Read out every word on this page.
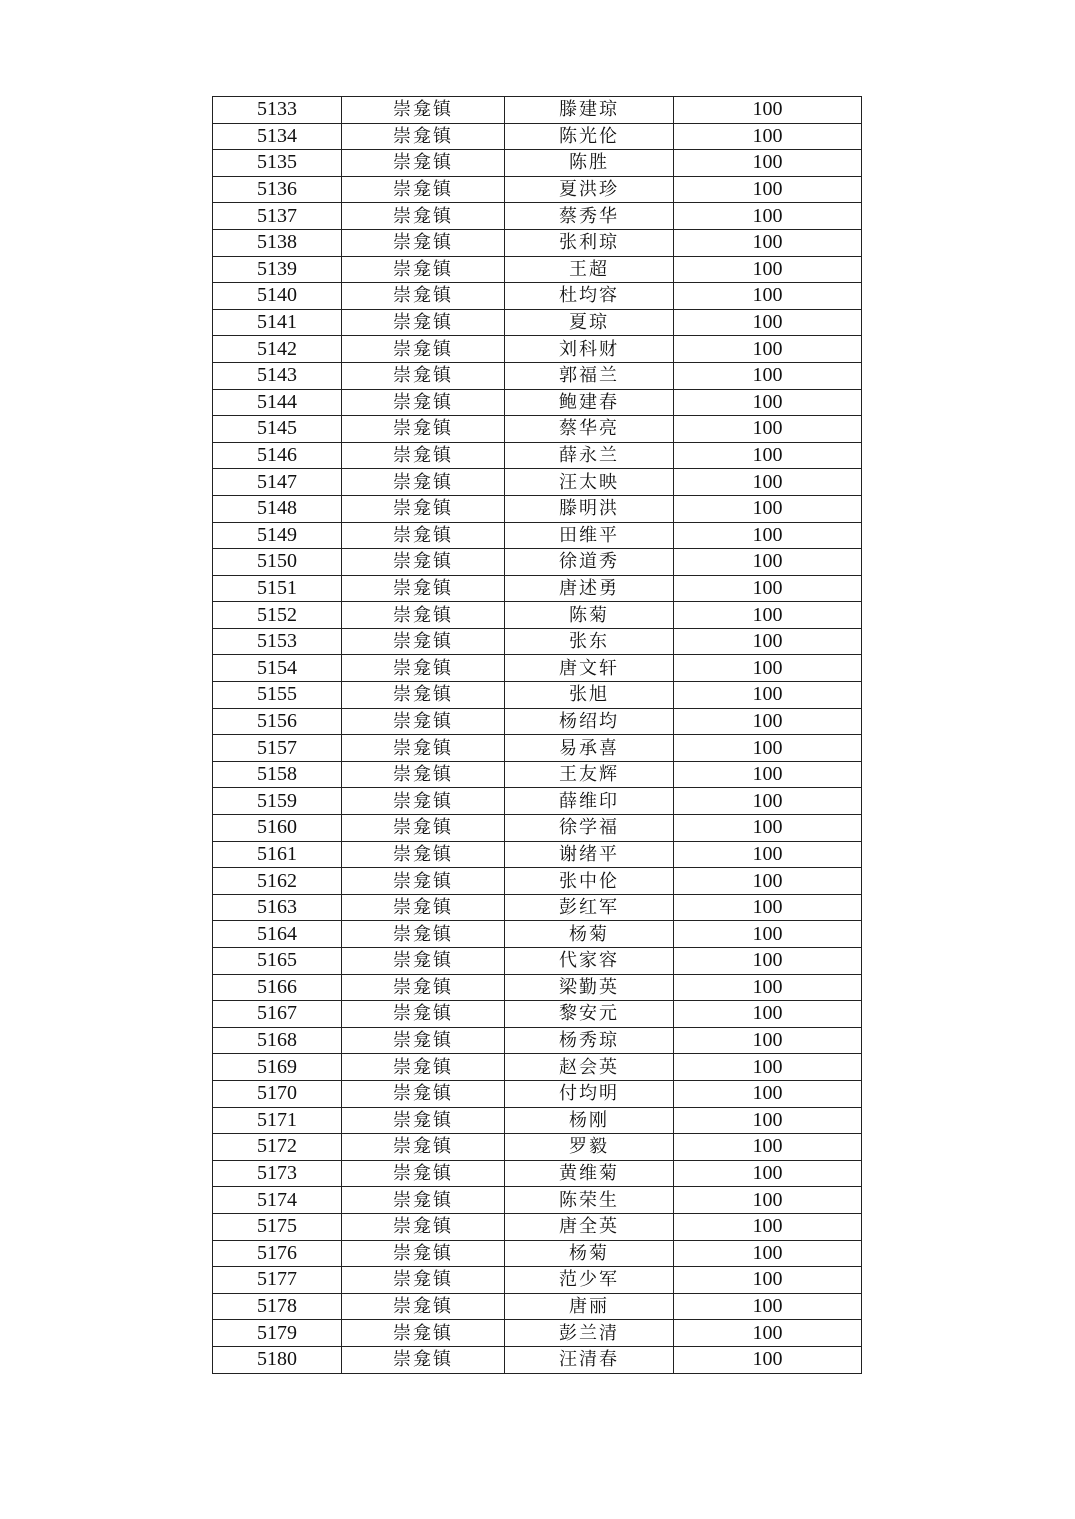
5133	崇龛镇	滕建琼	100
5134	崇龛镇	陈光伦	100
5135	崇龛镇	陈胜	100
5136	崇龛镇	夏洪珍	100
5137	崇龛镇	蔡秀华	100
5138	崇龛镇	张利琼	100
5139	崇龛镇	王超	100
5140	崇龛镇	杜均容	100
5141	崇龛镇	夏琼	100
5142	崇龛镇	刘科财	100
5143	崇龛镇	郭福兰	100
5144	崇龛镇	鲍建春	100
5145	崇龛镇	蔡华亮	100
5146	崇龛镇	薛永兰	100
5147	崇龛镇	汪太映	100
5148	崇龛镇	滕明洪	100
5149	崇龛镇	田维平	100
5150	崇龛镇	徐道秀	100
5151	崇龛镇	唐述勇	100
5152	崇龛镇	陈菊	100
5153	崇龛镇	张东	100
5154	崇龛镇	唐文轩	100
5155	崇龛镇	张旭	100
5156	崇龛镇	杨绍均	100
5157	崇龛镇	易承喜	100
5158	崇龛镇	王友辉	100
5159	崇龛镇	薛维印	100
5160	崇龛镇	徐学福	100
5161	崇龛镇	谢绪平	100
5162	崇龛镇	张中伦	100
5163	崇龛镇	彭红军	100
5164	崇龛镇	杨菊	100
5165	崇龛镇	代家容	100
5166	崇龛镇	梁勤英	100
5167	崇龛镇	黎安元	100
5168	崇龛镇	杨秀琼	100
5169	崇龛镇	赵会英	100
5170	崇龛镇	付均明	100
5171	崇龛镇	杨刚	100
5172	崇龛镇	罗毅	100
5173	崇龛镇	黄维菊	100
5174	崇龛镇	陈荣生	100
5175	崇龛镇	唐全英	100
5176	崇龛镇	杨菊	100
5177	崇龛镇	范少军	100
5178	崇龛镇	唐丽	100
5179	崇龛镇	彭兰清	100
5180	崇龛镇	汪清春	100
